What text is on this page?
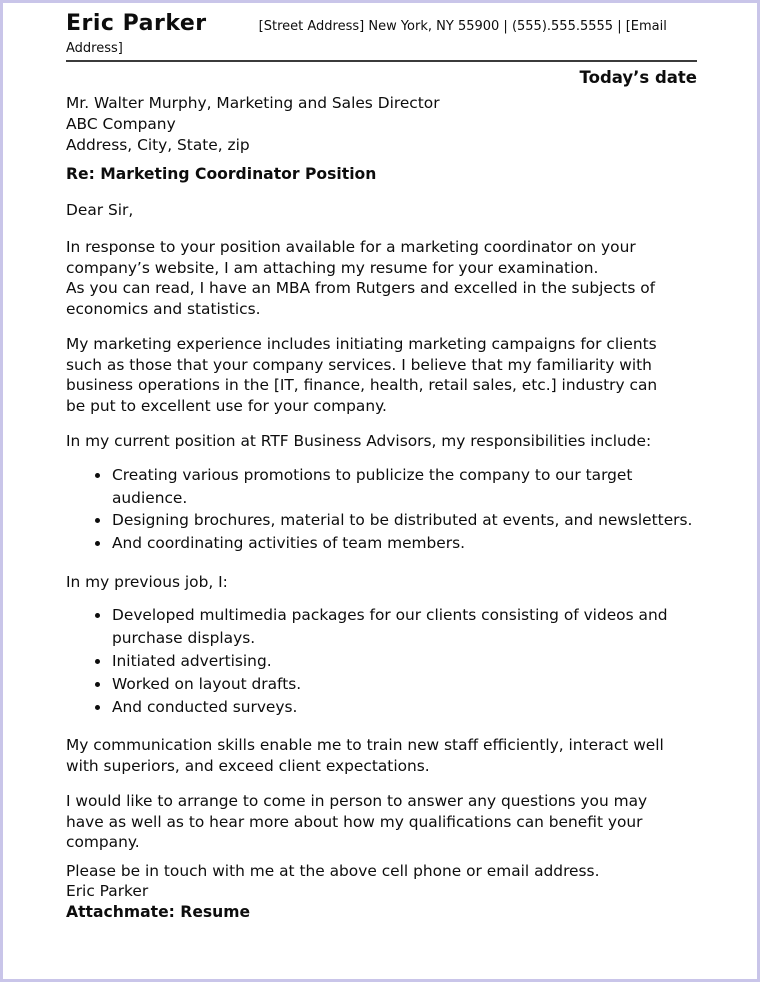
Eric Parker	[Street Address] New York, NY 55900 | (555).555.5555 | [Email Address]
Today’s date
Mr. Walter Murphy, Marketing and Sales Director
ABC Company
Address, City, State, zip
Re: Marketing Coordinator Position
Dear Sir,
In response to your position available for a marketing coordinator on your company’s website, I am attaching my resume for your examination.
As you can read, I have an MBA from Rutgers and excelled in the subjects of economics and statistics.
My marketing experience includes initiating marketing campaigns for clients such as those that your company services. I believe that my familiarity with business operations in the [IT, finance, health, retail sales, etc.] industry can be put to excellent use for your company.
In my current position at RTF Business Advisors, my responsibilities include:
• Creating various promotions to publicize the company to our target audience.
• Designing brochures, material to be distributed at events, and newsletters.
• And coordinating activities of team members.
In my previous job, I:
• Developed multimedia packages for our clients consisting of videos and purchase displays.
• Initiated advertising.
• Worked on layout drafts.
• And conducted surveys.
My communication skills enable me to train new staff efficiently, interact well with superiors, and exceed client expectations.
I would like to arrange to come in person to answer any questions you may have as well as to hear more about how my qualifications can benefit your company.
Please be in touch with me at the above cell phone or email address.
Eric Parker
Attachmate: Resume
